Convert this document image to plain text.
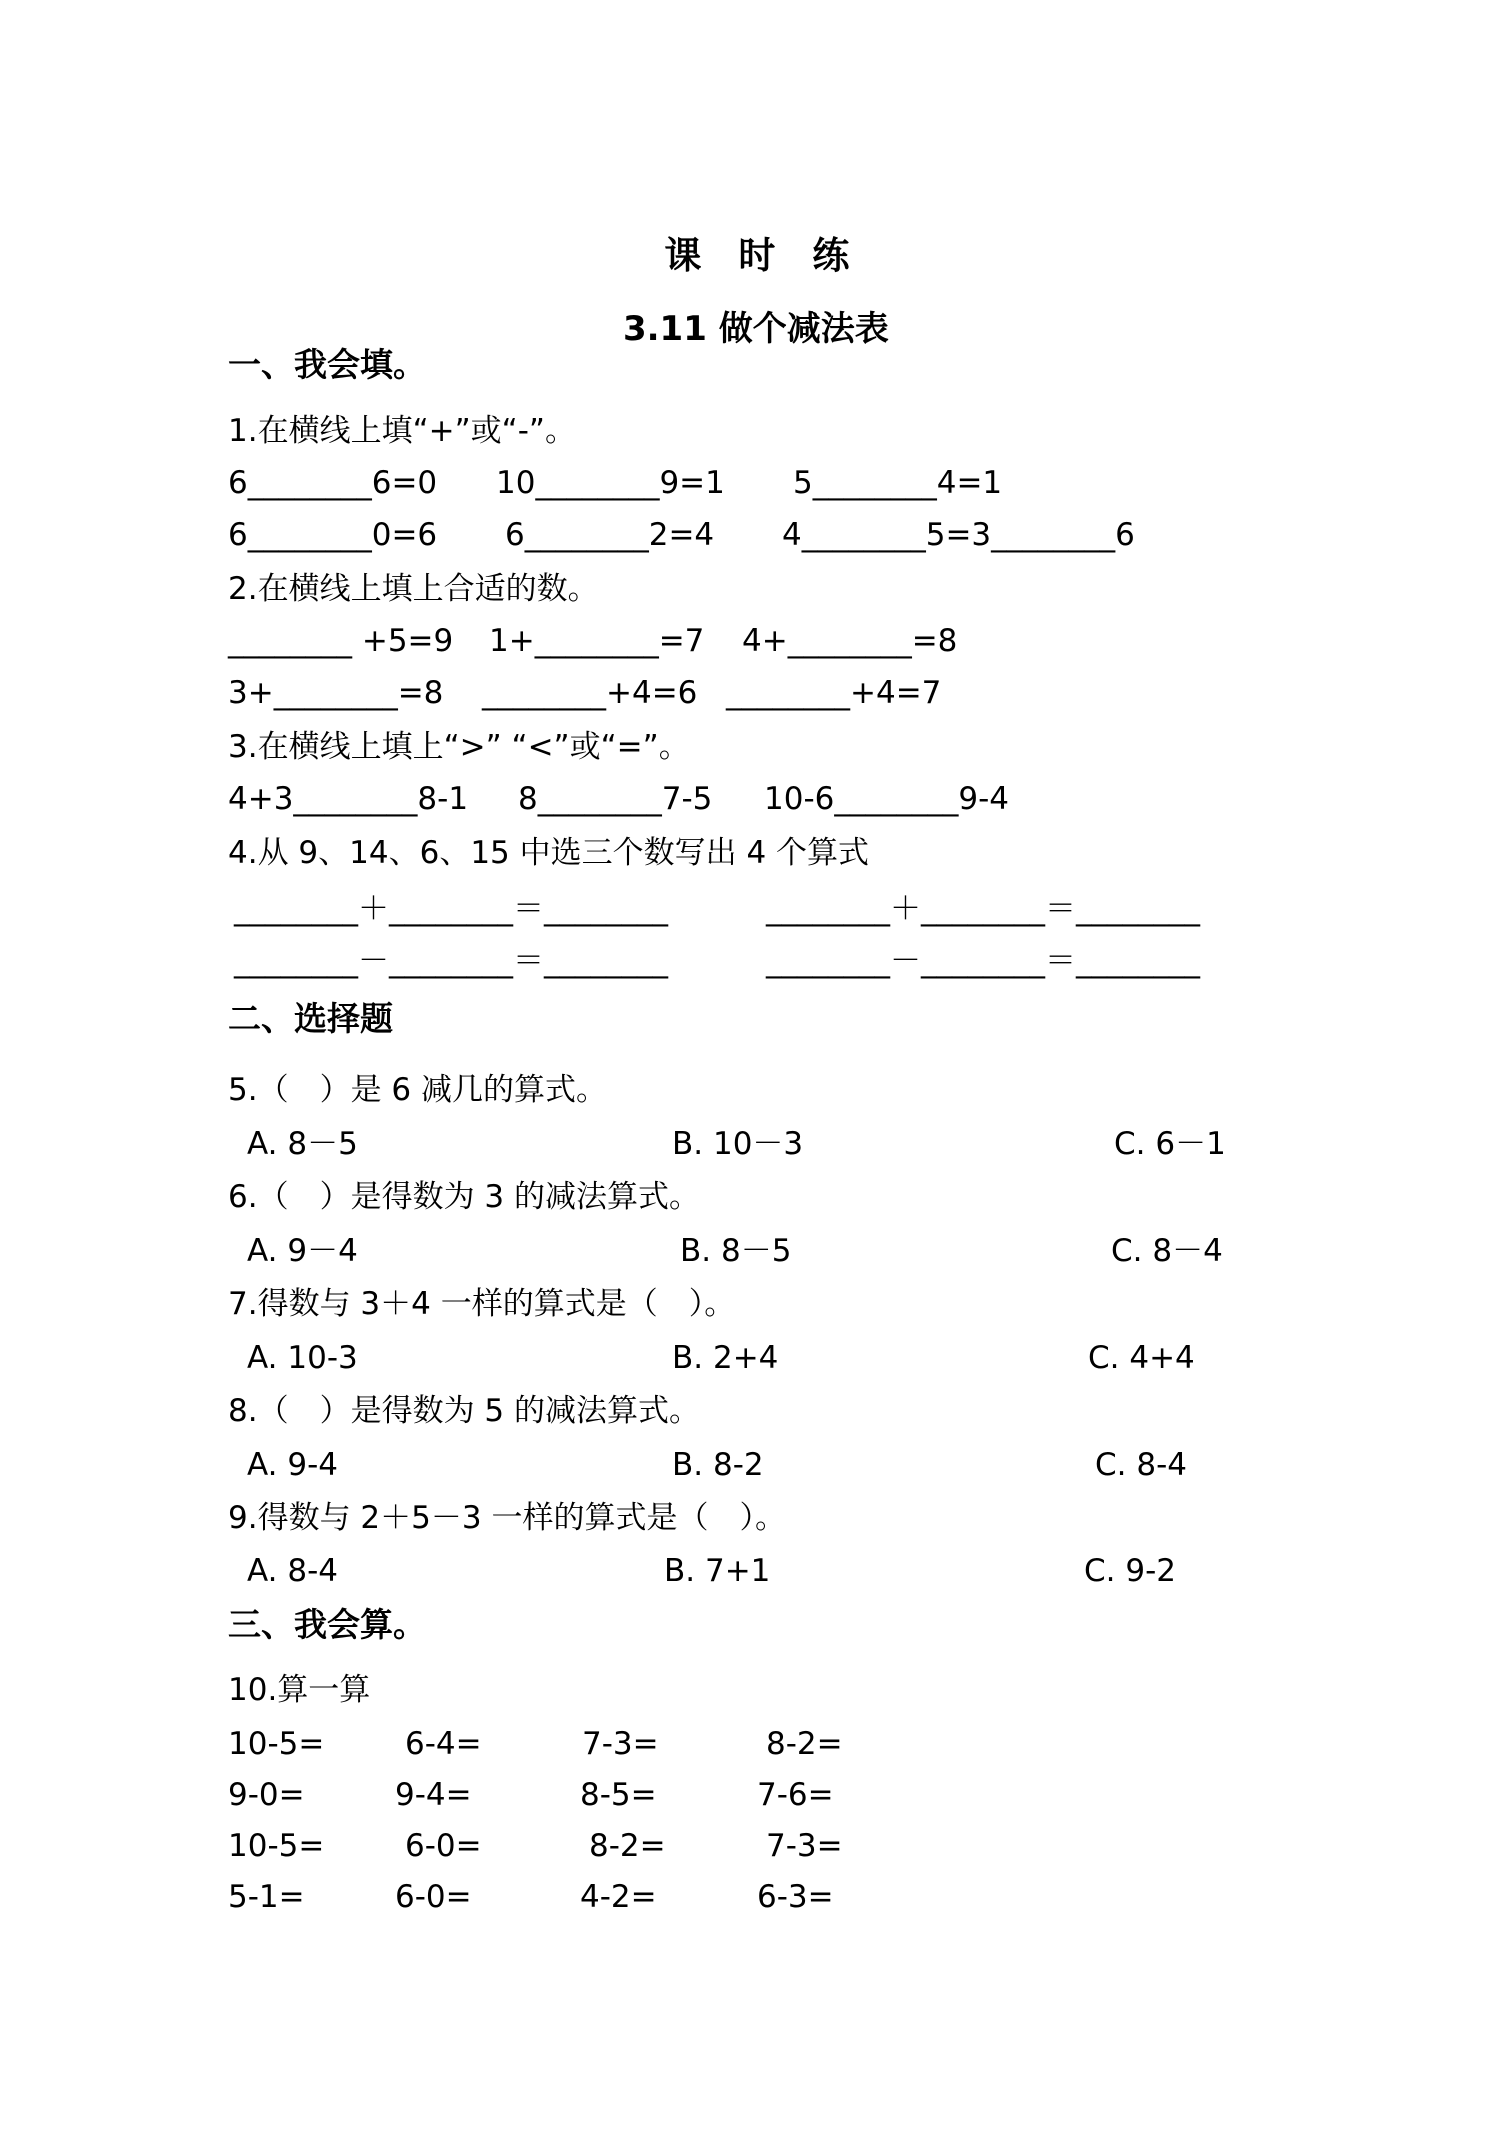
课　时　练

3.11 做个减法表

一、我会填。

1.在横线上填“+”或“-”。

6________6=0

10________9=1

5________4=1

6________0=6

6________2=4

4________5=3________6

2.在横线上填上合适的数。

________ +5=9

1+________=7

4+________=8

3+________=8

________+4=6

________+4=7

3.在横线上填上“>” “<”或“=”。

4+3________8-1

8________7-5

10-6________9-4

4.从 9、14、6、15 中选三个数写出 4 个算式

________＋________＝________

	________＋________＝________

________－________＝________

	________－________＝________

二、选择题

5.（　）是 6 减几的算式。

A. 8－5

	B. 10－3

	C. 6－1

6.（　）是得数为 3 的减法算式。

A. 9－4

	B. 8－5

	C. 8－4

7.得数与 3＋4 一样的算式是（　）。

A. 10-3

	B. 2+4

	C. 4+4

8.（　）是得数为 5 的减法算式。

A. 9-4

	B. 8-2

	C. 8-4

9.得数与 2＋5－3 一样的算式是（　）。

A. 8-4

	B. 7+1

	C. 9-2

三、我会算。

10.算一算

10-5=

	6-4=

	7-3=

	8-2=

9-0=

	9-4=

	8-5=

	7-6=

10-5=

	6-0=

	8-2=

	7-3=

5-1=

	6-0=

	4-2=

	6-3=
